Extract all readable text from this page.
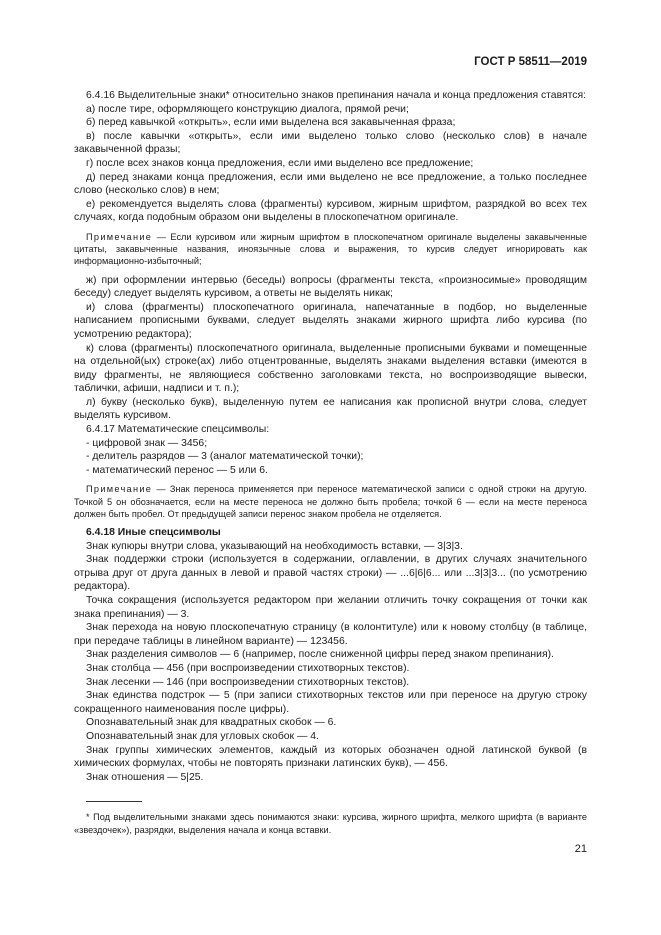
ГОСТ Р 58511—2019

6.4.16 Выделительные знаки* относительно знаков препинания начала и конца предложения ставятся:

а) после тире, оформляющего конструкцию диалога, прямой речи;

б) перед кавычкой «открыть», если ими выделена вся закавыченная фраза;

в) после кавычки «открыть», если ими выделено только слово (несколько слов) в начале закавыченной фразы;

г) после всех знаков конца предложения, если ими выделено все предложение;

д) перед знаками конца предложения, если ими выделено не все предложение, а только последнее слово (несколько слов) в нем;

е) рекомендуется выделять слова (фрагменты) курсивом, жирным шрифтом, разрядкой во всех тех случаях, когда подобным образом они выделены в плоскопечатном оригинале.

Примечание — Если курсивом или жирным шрифтом в плоскопечатном оригинале выделены закавыченные цитаты, закавыченные названия, иноязычные слова и выражения, то курсив следует игнорировать как информационно-избыточный;

ж) при оформлении интервью (беседы) вопросы (фрагменты текста, «произносимые» проводящим беседу) следует выделять курсивом, а ответы не выделять никак;

и) слова (фрагменты) плоскопечатного оригинала, напечатанные в подбор, но выделенные написанием прописными буквами, следует выделять знаками жирного шрифта либо курсива (по усмотрению редактора);

к) слова (фрагменты) плоскопечатного оригинала, выделенные прописными буквами и помещенные на отдельной(ых) строке(ах) либо отцентрованные, выделять знаками выделения вставки (имеются в виду фрагменты, не являющиеся собственно заголовками текста, но воспроизводящие вывески, таблички, афиши, надписи и т. п.);

л) букву (несколько букв), выделенную путем ее написания как прописной внутри слова, следует выделять курсивом.

6.4.17 Математические спецсимволы:

- цифровой знак — 3456;

- делитель разрядов — 3 (аналог математической точки);

- математический перенос — 5 или 6.

Примечание — Знак переноса применяется при переносе математической записи с одной строки на другую. Точкой 5 он обозначается, если на месте переноса не должно быть пробела; точкой 6 — если на месте переноса должен быть пробел. От предыдущей записи перенос знаком пробела не отделяется.

6.4.18 Иные спецсимволы

Знак купюры внутри слова, указывающий на необходимость вставки, — 3|3|3.

Знак поддержки строки (используется в содержании, оглавлении, в других случаях значительного отрыва друг от друга данных в левой и правой частях строки) — ...6|6|6... или ...3|3|3... (по усмотрению редактора).

Точка сокращения (используется редактором при желании отличить точку сокращения от точки как знака препинания) — 3.

Знак перехода на новую плоскопечатную страницу (в колонтитуле) или к новому столбцу (в таблице, при передаче таблицы в линейном варианте) — 123456.

Знак разделения символов — 6 (например, после сниженной цифры перед знаком препинания).

Знак столбца — 456 (при воспроизведении стихотворных текстов).

Знак лесенки — 146 (при воспроизведении стихотворных текстов).

Знак единства подстрок — 5 (при записи стихотворных текстов или при переносе на другую строку сокращенного наименования после цифры).

Опознавательный знак для квадратных скобок — 6.

Опознавательный знак для угловых скобок — 4.

Знак группы химических элементов, каждый из которых обозначен одной латинской буквой (в химических формулах, чтобы не повторять признаки латинских букв), — 456.

Знак отношения — 5|25.

* Под выделительными знаками здесь понимаются знаки: курсива, жирного шрифта, мелкого шрифта (в варианте «звездочек»), разрядки, выделения начала и конца вставки.

21
